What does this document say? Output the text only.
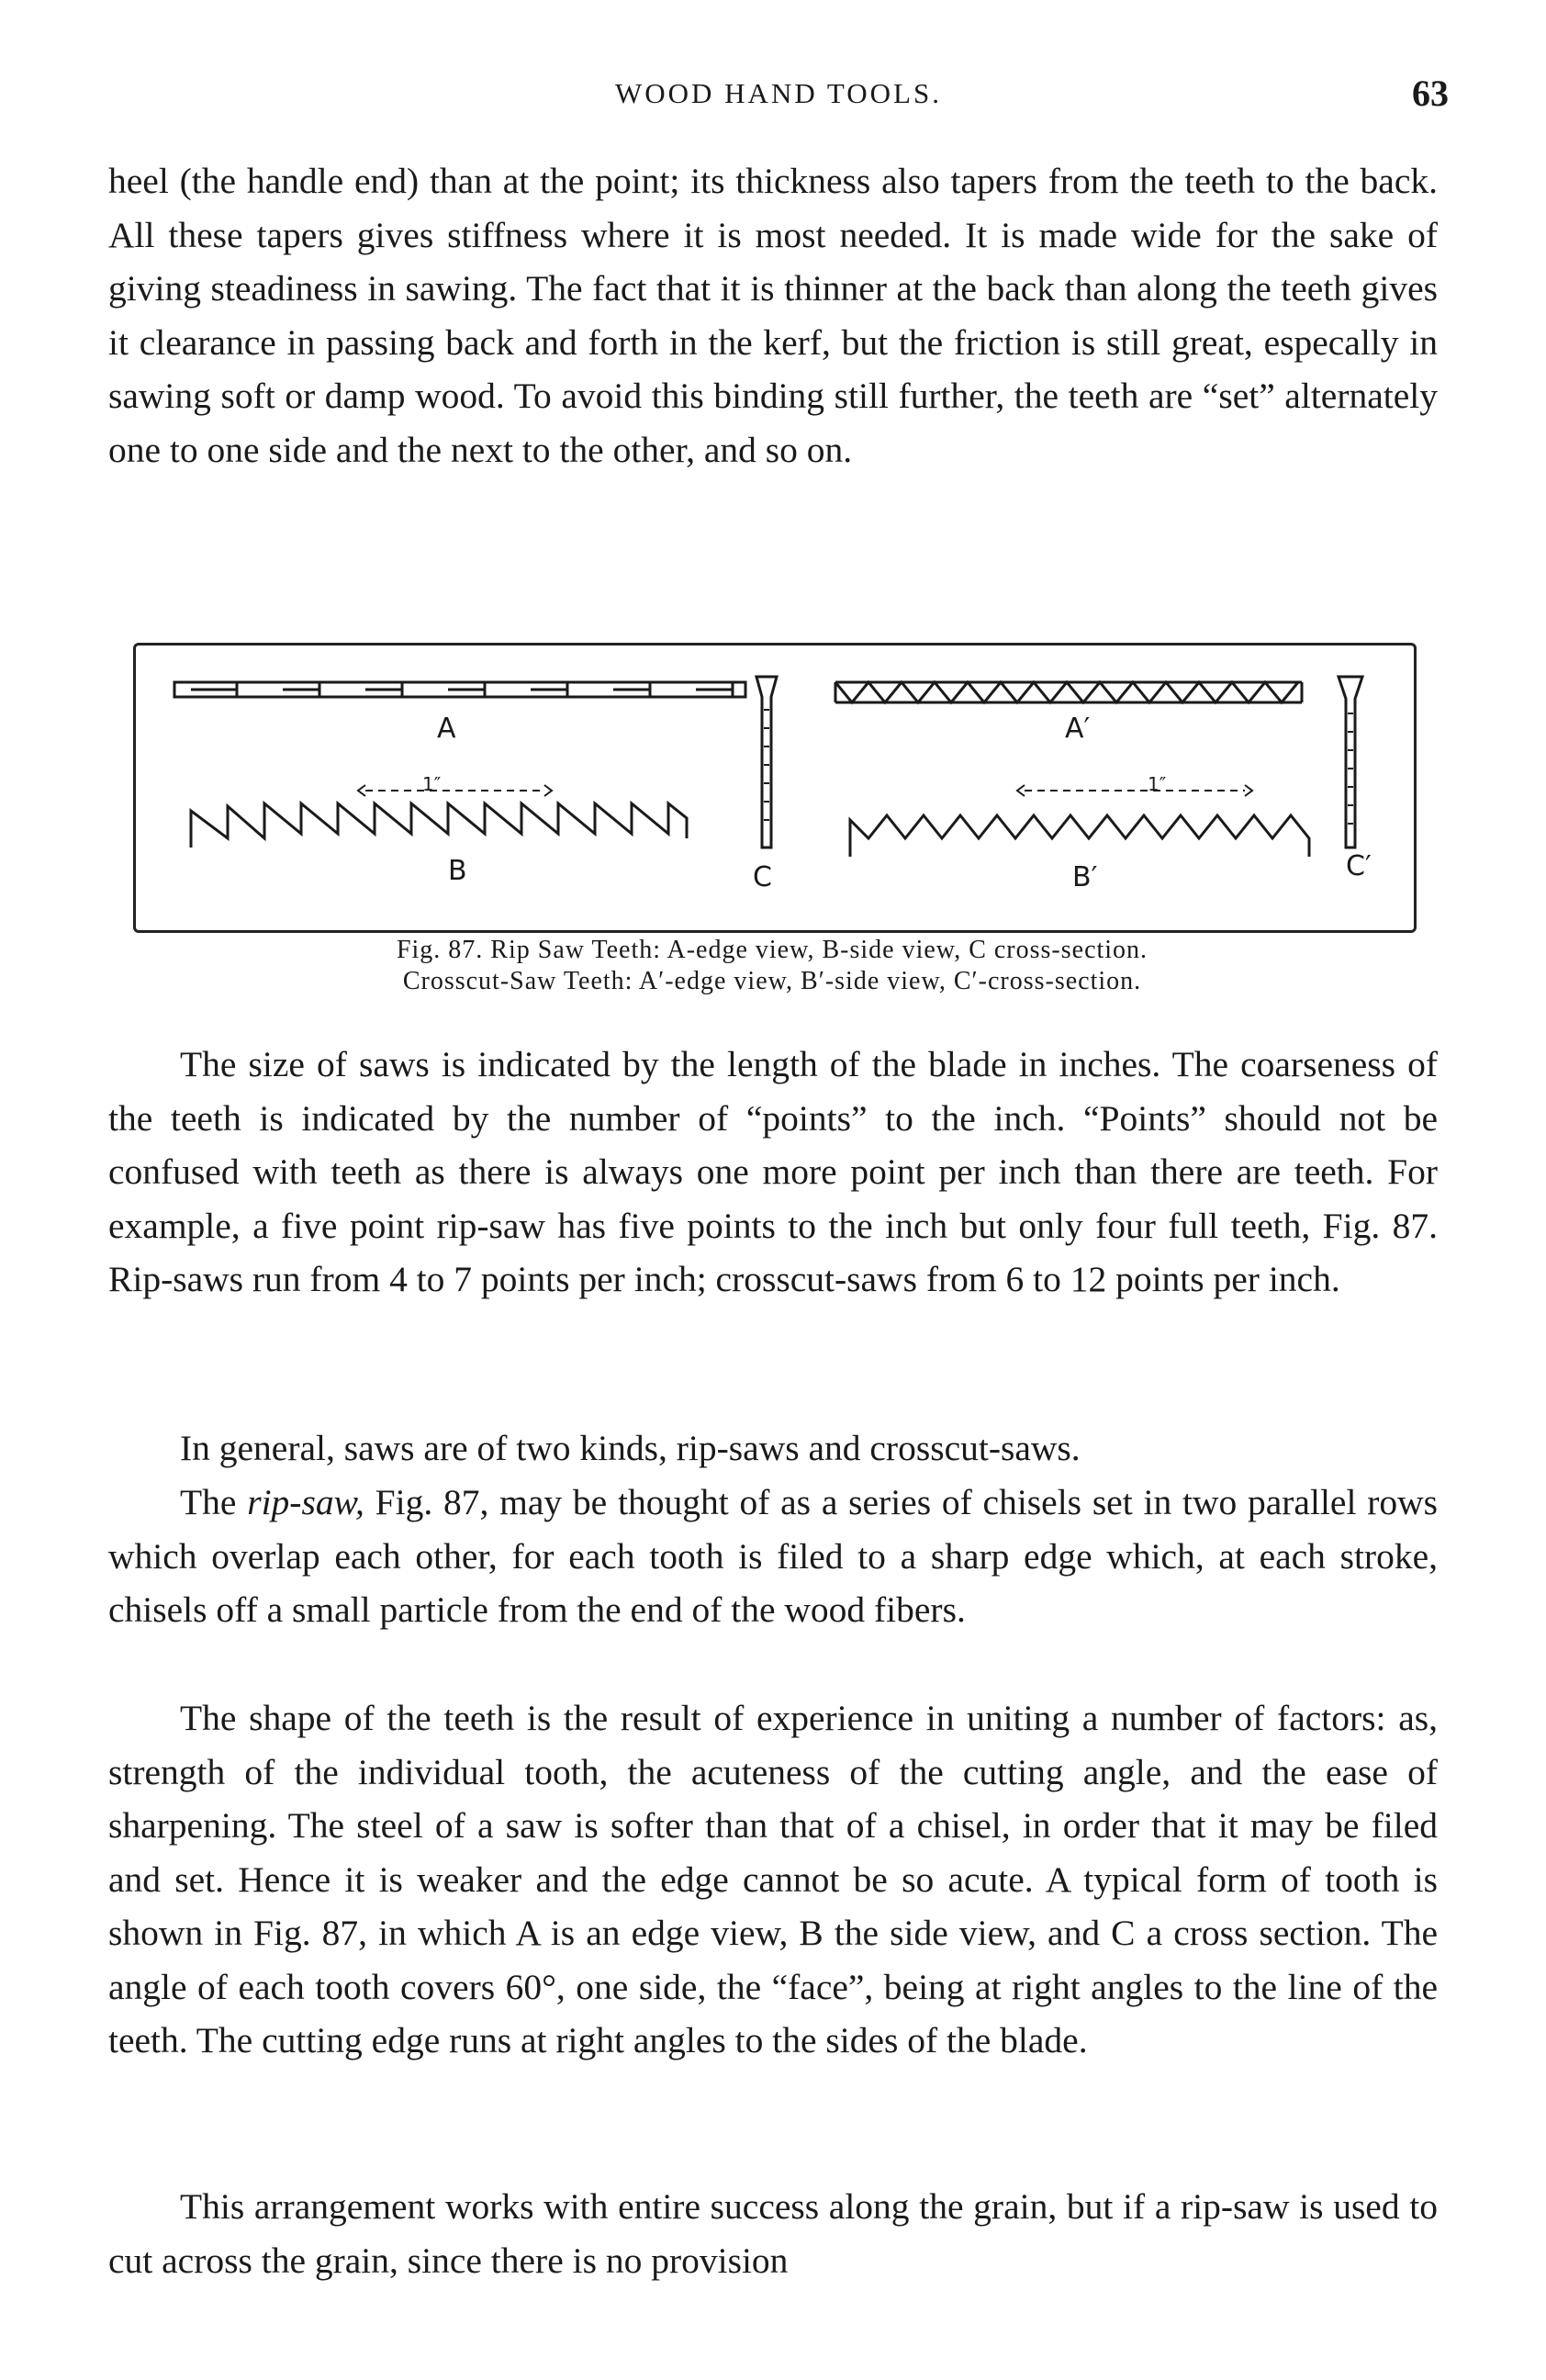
WOOD HAND TOOLS.	63

heel (the handle end) than at the point; its thickness also tapers from the teeth to the back. All these tapers gives stiffness where it is most needed. It is made wide for the sake of giving steadiness in sawing. The fact that it is thinner at the back than along the teeth gives it clearance in passing back and forth in the kerf, but the friction is still great, especally in sawing soft or damp wood. To avoid this binding still further, the teeth are “set” alternately one to one side and the next to the other, and so on.

A
B
1″
C
A′
B′
1″
C′
Fig. 87. Rip Saw Teeth: A-edge view, B-side view, C cross-section.
Crosscut-Saw Teeth: A′-edge view, B′-side view, C′-cross-section.

The size of saws is indicated by the length of the blade in inches. The coarseness of the teeth is indicated by the number of “points” to the inch. “Points” should not be confused with teeth as there is always one more point per inch than there are teeth. For example, a five point rip-saw has five points to the inch but only four full teeth, Fig. 87. Rip-saws run from 4 to 7 points per inch; crosscut-saws from 6 to 12 points per inch.

In general, saws are of two kinds, rip-saws and crosscut-saws.

The rip-saw, Fig. 87, may be thought of as a series of chisels set in two parallel rows which overlap each other, for each tooth is filed to a sharp edge which, at each stroke, chisels off a small particle from the end of the wood fibers.

The shape of the teeth is the result of experience in uniting a number of factors: as, strength of the individual tooth, the acuteness of the cutting angle, and the ease of sharpening. The steel of a saw is softer than that of a chisel, in order that it may be filed and set. Hence it is weaker and the edge cannot be so acute. A typical form of tooth is shown in Fig. 87, in which A is an edge view, B the side view, and C a cross section. The angle of each tooth covers 60°, one side, the “face”, being at right angles to the line of the teeth. The cutting edge runs at right angles to the sides of the blade.

This arrangement works with entire success along the grain, but if a rip-saw is used to cut across the grain, since there is no provision
